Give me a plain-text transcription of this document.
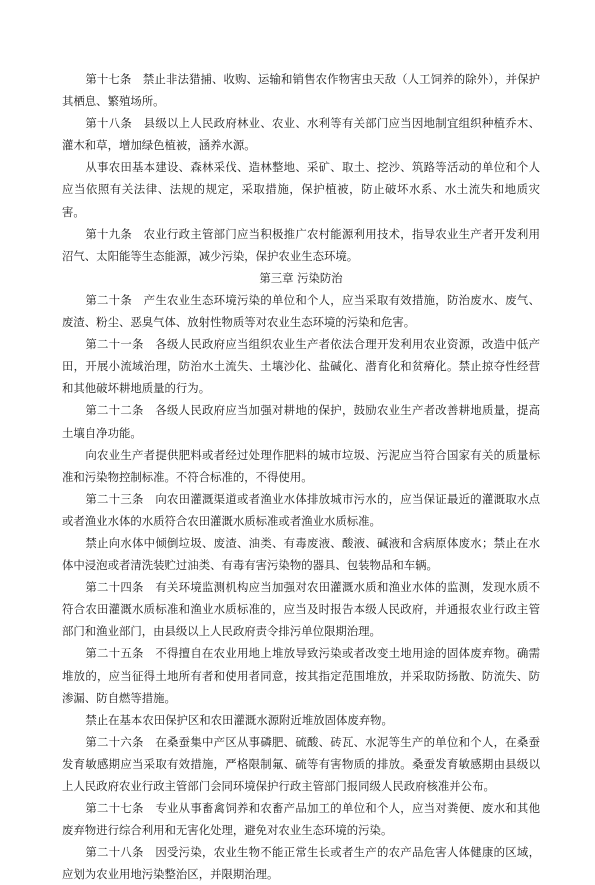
第十七条　禁止非法猎捕、收购、运输和销售农作物害虫天敌（人工饲养的除外），并保护其栖息、繁殖场所。

第十八条　县级以上人民政府林业、农业、水利等有关部门应当因地制宜组织种植乔木、灌木和草，增加绿色植被，涵养水源。

从事农田基本建设、森林采伐、造林整地、采矿、取土、挖沙、筑路等活动的单位和个人应当依照有关法律、法规的规定，采取措施，保护植被，防止破坏水系、水土流失和地质灾害。

第十九条　农业行政主管部门应当积极推广农村能源利用技术，指导农业生产者开发利用沼气、太阳能等生态能源，减少污染，保护农业生态环境。

第三章 污染防治

第二十条　产生农业生态环境污染的单位和个人，应当采取有效措施，防治废水、废气、废渣、粉尘、恶臭气体、放射性物质等对农业生态环境的污染和危害。

第二十一条　各级人民政府应当组织农业生产者依法合理开发利用农业资源，改造中低产田，开展小流域治理，防治水土流失、土壤沙化、盐碱化、潜育化和贫瘠化。禁止掠夺性经营和其他破坏耕地质量的行为。

第二十二条　各级人民政府应当加强对耕地的保护，鼓励农业生产者改善耕地质量，提高土壤自净功能。

向农业生产者提供肥料或者经过处理作肥料的城市垃圾、污泥应当符合国家有关的质量标准和污染物控制标准。不符合标准的，不得使用。

第二十三条　向农田灌溉渠道或者渔业水体排放城市污水的，应当保证最近的灌溉取水点或者渔业水体的水质符合农田灌溉水质标准或者渔业水质标准。

禁止向水体中倾倒垃圾、废渣、油类、有毒废液、酸液、碱液和含病原体废水；禁止在水体中浸泡或者清洗装贮过油类、有毒有害污染物的器具、包装物品和车辆。

第二十四条　有关环境监测机构应当加强对农田灌溉水质和渔业水体的监测，发现水质不符合农田灌溉水质标准和渔业水质标准的，应当及时报告本级人民政府，并通报农业行政主管部门和渔业部门，由县级以上人民政府责令排污单位限期治理。

第二十五条　不得擅自在农业用地上堆放导致污染或者改变土地用途的固体废弃物。确需堆放的，应当征得土地所有者和使用者同意，按其指定范围堆放，并采取防扬散、防流失、防渗漏、防自燃等措施。

禁止在基本农田保护区和农田灌溉水源附近堆放固体废弃物。

第二十六条　在桑蚕集中产区从事磷肥、硫酸、砖瓦、水泥等生产的单位和个人，在桑蚕发育敏感期应当采取有效措施，严格限制氟、硫等有害物质的排放。桑蚕发育敏感期由县级以上人民政府农业行政主管部门会同环境保护行政主管部门报同级人民政府核准并公布。

第二十七条　专业从事畜禽饲养和农畜产品加工的单位和个人，应当对粪便、废水和其他废弃物进行综合利用和无害化处理，避免对农业生态环境的污染。

第二十八条　因受污染，农业生物不能正常生长或者生产的农产品危害人体健康的区域，应划为农业用地污染整治区，并限期治理。
